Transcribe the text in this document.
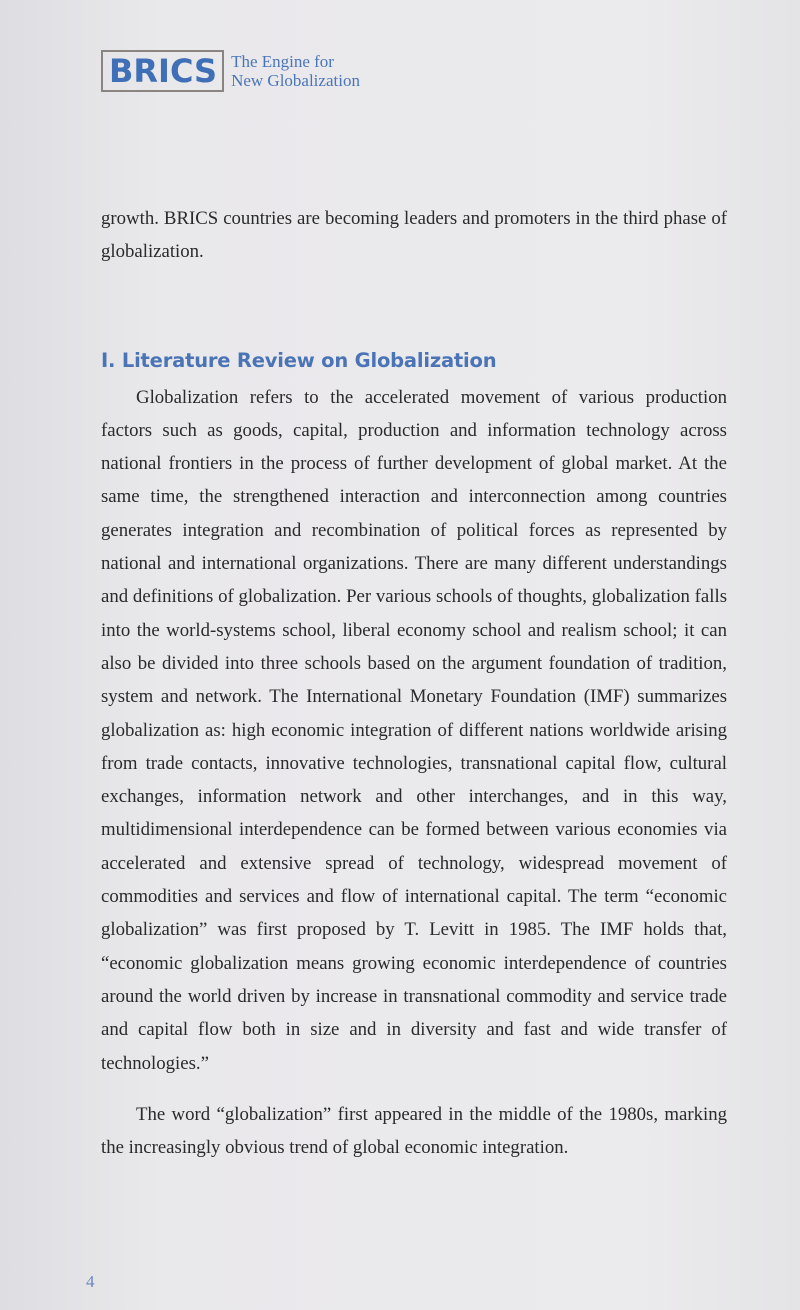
BRICS The Engine for
New Globalization

growth. BRICS countries are becoming leaders and promoters in the third phase of globalization.

I. Literature Review on Globalization

Globalization refers to the accelerated movement of various production factors such as goods, capital, production and information technology across national frontiers in the process of further development of global market. At the same time, the strengthened interaction and interconnection among countries generates integration and recombination of political forces as represented by national and international organizations. There are many different understandings and definitions of globalization. Per various schools of thoughts, globalization falls into the world-systems school, liberal economy school and realism school; it can also be divided into three schools based on the argument foundation of tradition, system and network. The International Monetary Foundation (IMF) summarizes globalization as: high economic integration of different nations worldwide arising from trade contacts, innovative technologies, transnational capital flow, cultural exchanges, information network and other interchanges, and in this way, multidimensional interdependence can be formed between various economies via accelerated and extensive spread of technology, widespread movement of commodities and services and flow of international capital. The term “economic globalization” was first proposed by T. Levitt in 1985. The IMF holds that, “economic globalization means growing economic interdependence of countries around the world driven by increase in transnational commodity and service trade and capital flow both in size and in diversity and fast and wide transfer of technologies.”

The word “globalization” first appeared in the middle of the 1980s, marking the increasingly obvious trend of global economic integration.

4
